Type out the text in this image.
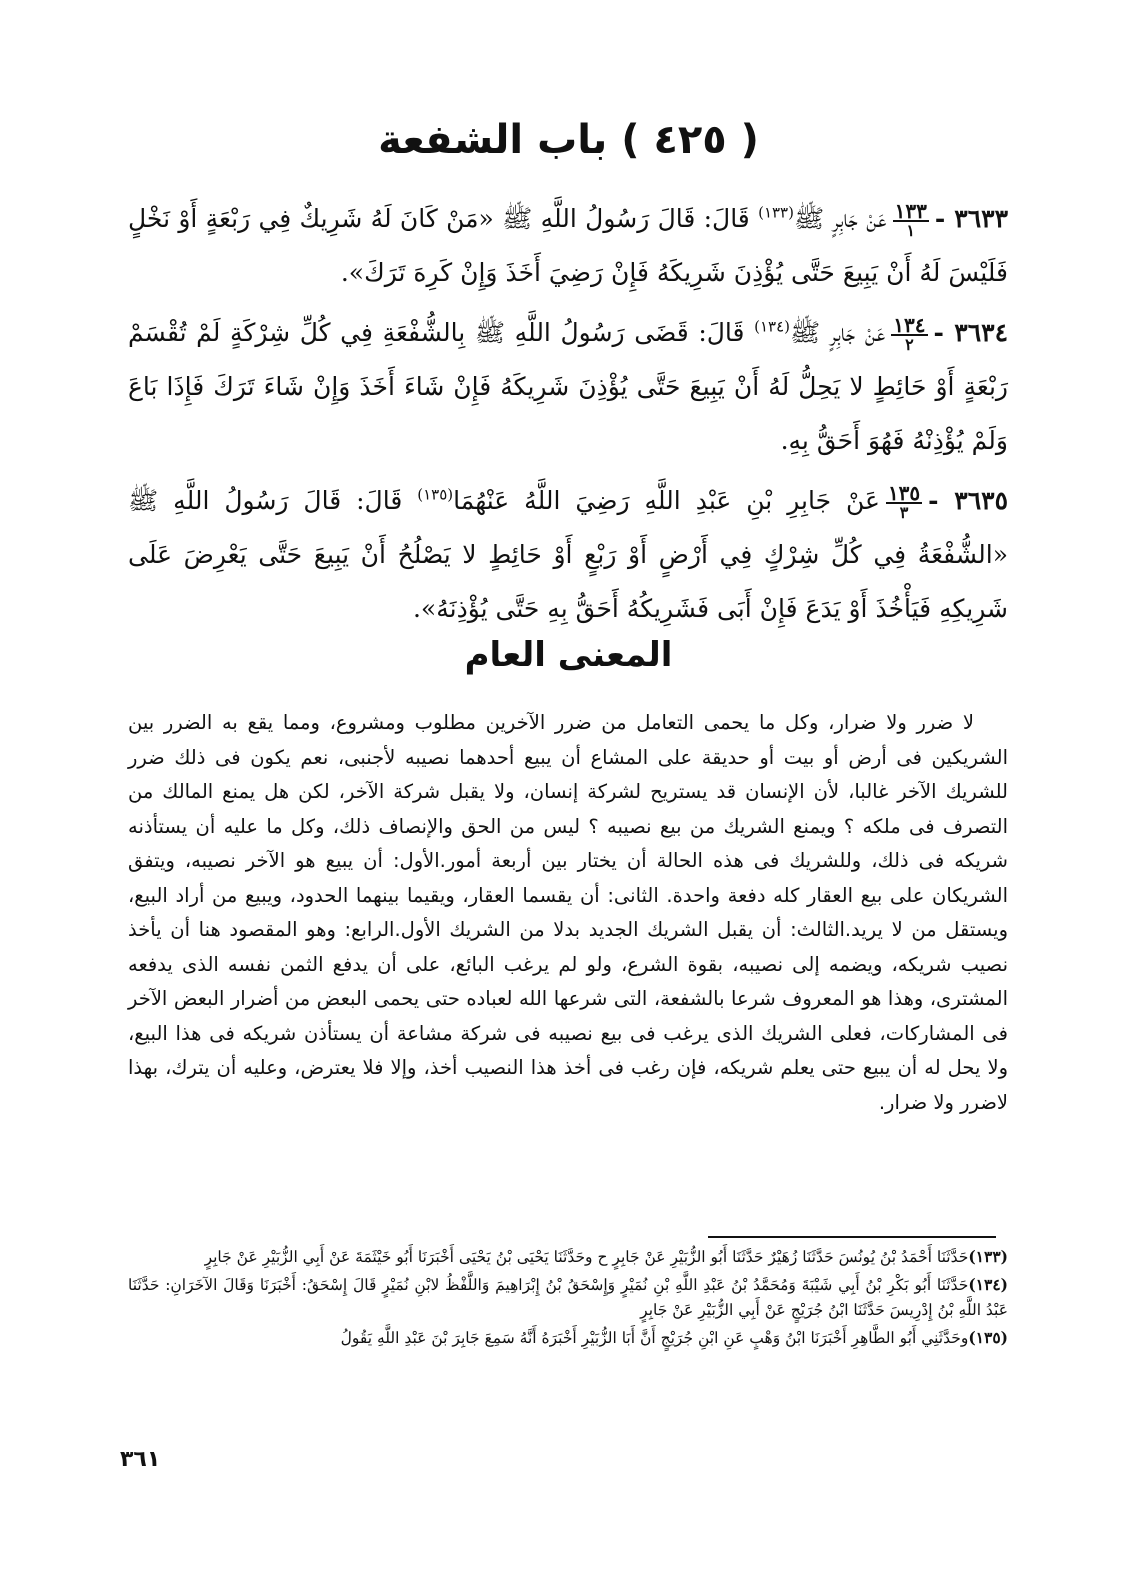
( ٤٢٥ ) باب الشفعة

٣٦٣٣ -
١٣٣
١
عَنْ جَابِرٍ ﷺ$^{(١٣٣)}$ قَالَ: قَالَ رَسُولُ اللَّهِ ﷺ «مَنْ كَانَ لَهُ شَرِيكٌ فِي رَبْعَةٍ أَوْ نَخْلٍ فَلَيْسَ لَهُ أَنْ يَبِيعَ حَتَّى يُؤْذِنَ شَرِيكَهُ فَإِنْ رَضِيَ أَخَذَ وَإِنْ كَرِهَ تَرَكَ».

٣٦٣٤ -
١٣٤
٢
عَنْ جَابِرٍ ﷺ$^{(١٣٤)}$ قَالَ: قَضَى رَسُولُ اللَّهِ ﷺ بِالشُّفْعَةِ فِي كُلِّ شِرْكَةٍ لَمْ تُقْسَمْ رَبْعَةٍ أَوْ حَائِطٍ لا يَحِلُّ لَهُ أَنْ يَبِيعَ حَتَّى يُؤْذِنَ شَرِيكَهُ فَإِنْ شَاءَ أَخَذَ وَإِنْ شَاءَ تَرَكَ فَإِذَا بَاعَ وَلَمْ يُؤْذِنْهُ فَهُوَ أَحَقُّ بِهِ.

٣٦٣٥ -
١٣٥
٣
عَنْ جَابِرِ بْنِ عَبْدِ اللَّهِ رَضِيَ اللَّهُ عَنْهُمَا$^{(١٣٥)}$ قَالَ: قَالَ رَسُولُ اللَّهِ ﷺ «الشُّفْعَةُ فِي كُلِّ شِرْكٍ فِي أَرْضٍ أَوْ رَبْعٍ أَوْ حَائِطٍ لا يَصْلُحُ أَنْ يَبِيعَ حَتَّى يَعْرِضَ عَلَى شَرِيكِهِ فَيَأْخُذَ أَوْ يَدَعَ فَإِنْ أَبَى فَشَرِيكُهُ أَحَقُّ بِهِ حَتَّى يُؤْذِنَهُ».

المعنى العام

لا ضرر ولا ضرار، وكل ما يحمى التعامل من ضرر الآخرين مطلوب ومشروع، ومما يقع به الضرر بين الشريكين فى أرض أو بيت أو حديقة على المشاع أن يبيع أحدهما نصيبه لأجنبى، نعم يكون فى ذلك ضرر للشريك الآخر غالبا، لأن الإنسان قد يستريح لشركة إنسان، ولا يقبل شركة الآخر، لكن هل يمنع المالك من التصرف فى ملكه ؟ ويمنع الشريك من بيع نصيبه ؟ ليس من الحق والإنصاف ذلك، وكل ما عليه أن يستأذنه شريكه فى ذلك، وللشريك فى هذه الحالة أن يختار بين أربعة أمور.الأول: أن يبيع هو الآخر نصيبه، ويتفق الشريكان على بيع العقار كله دفعة واحدة. الثانى: أن يقسما العقار، ويقيما بينهما الحدود، ويبيع من أراد البيع، ويستقل من لا يريد.الثالث: أن يقبل الشريك الجديد بدلا من الشريك الأول.الرابع: وهو المقصود هنا أن يأخذ نصيب شريكه، ويضمه إلى نصيبه، بقوة الشرع، ولو لم يرغب البائع، على أن يدفع الثمن نفسه الذى يدفعه المشترى، وهذا هو المعروف شرعا بالشفعة، التى شرعها الله لعباده حتى يحمى البعض من أضرار البعض الآخر فى المشاركات، فعلى الشريك الذى يرغب فى بيع نصيبه فى شركة مشاعة أن يستأذن شريكه فى هذا البيع، ولا يحل له أن يبيع حتى يعلم شريكه، فإن رغب فى أخذ هذا النصيب أخذ، وإلا فلا يعترض، وعليه أن يترك، بهذا لاضرر ولا ضرار.

(١٣٣)حَدَّثَنَا أَحْمَدُ بْنُ يُونُسَ حَدَّثَنَا زُهَيْرٌ حَدَّثَنَا أَبُو الزُّبَيْرِ عَنْ جَابِرٍ ح وحَدَّثَنَا يَحْيَى بْنُ يَحْيَى أَخْبَرَنَا أَبُو خَيْثَمَةَ عَنْ أَبِي الزُّبَيْرِ عَنْ جَابِرٍ

(١٣٤)حَدَّثَنَا أَبُو بَكْرِ بْنُ أَبِي شَيْبَةَ وَمُحَمَّدُ بْنُ عَبْدِ اللَّهِ بْنِ نُمَيْرٍ وَإِسْحَقُ بْنُ إِبْرَاهِيمَ وَاللَّفْظُ لابْنِ نُمَيْرٍ قَالَ إِسْحَقُ: أَخْبَرَنَا وَقَالَ الآخَرَانِ: حَدَّثَنَا عَبْدُ اللَّهِ بْنُ إِدْرِيسَ حَدَّثَنَا ابْنُ جُرَيْجٍ عَنْ أَبِي الزُّبَيْرِ عَنْ جَابِرٍ

(١٣٥)وحَدَّثَنِي أَبُو الطَّاهِرِ أَخْبَرَنَا ابْنُ وَهْبٍ عَنِ ابْنِ جُرَيْجٍ أَنَّ أَبَا الزُّبَيْرِ أَخْبَرَهُ أَنَّهُ سَمِعَ جَابِرَ بْنَ عَبْدِ اللَّهِ يَقُولُ

٣٦١
